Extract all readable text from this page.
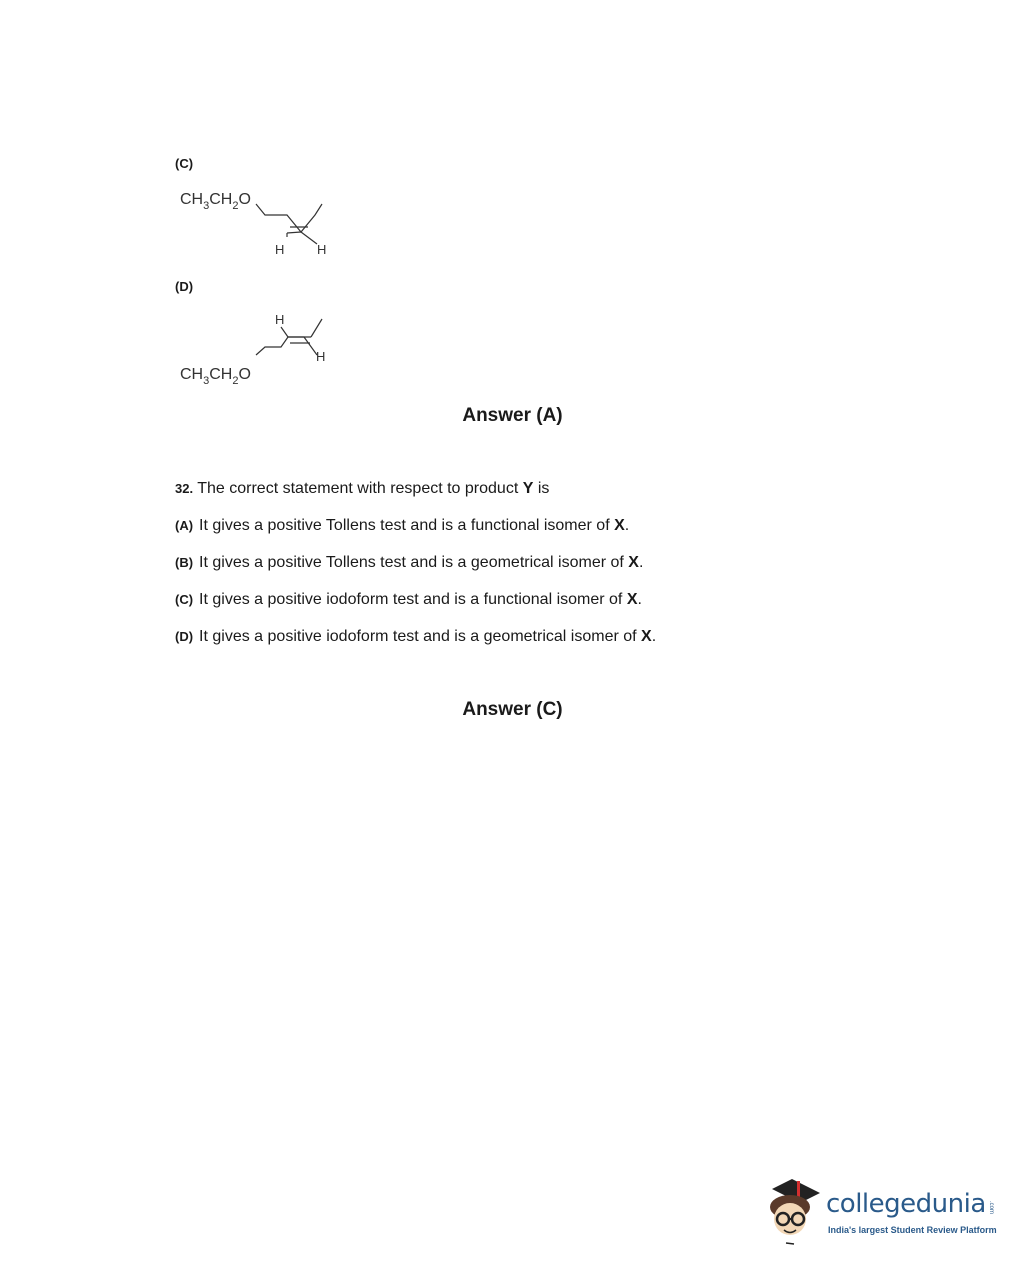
(C)
$CH_3CH_2O$
H	H
(D)
H
H
$CH_3CH_2O$
Answer (A)
32. The correct statement with respect to product Y is
(A) It gives a positive Tollens test and is a functional isomer of X.
(B) It gives a positive Tollens test and is a geometrical isomer of X.
(C) It gives a positive iodoform test and is a functional isomer of X.
(D) It gives a positive iodoform test and is a geometrical isomer of X.
Answer (C)
collegedunia .com
India's largest Student Review Platform
